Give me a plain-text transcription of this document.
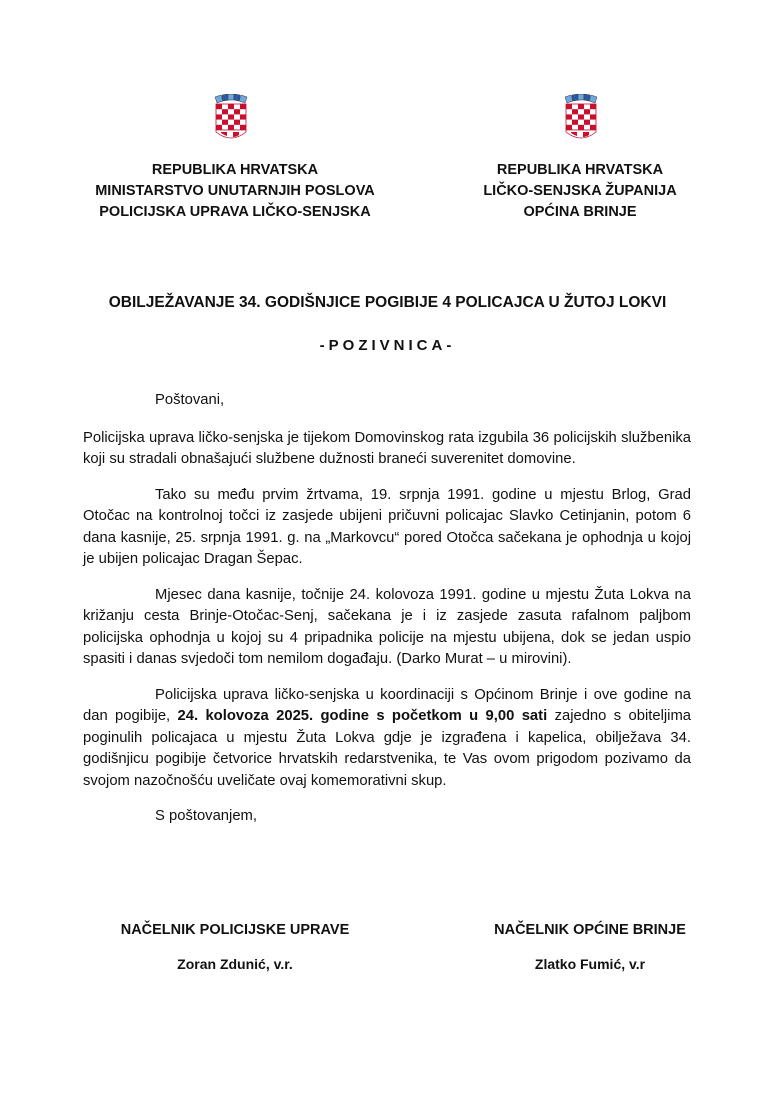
REPUBLIKA HRVATSKA
MINISTARSTVO UNUTARNJIH POSLOVA
POLICIJSKA UPRAVA LIČKO-SENJSKA
REPUBLIKA HRVATSKA
LIČKO-SENJSKA ŽUPANIJA
OPĆINA BRINJE
OBILJEŽAVANJE 34. GODIŠNJICE POGIBIJE 4 POLICAJCA U ŽUTOJ LOKVI
-POZIVNICA-

Poštovani,

Policijska uprava ličko-senjska je tijekom Domovinskog rata izgubila 36 policijskih službenika koji su stradali obnašajući službene dužnosti braneći suverenitet domovine.

Tako su među prvim žrtvama, 19. srpnja 1991. godine u mjestu Brlog, Grad Otočac na kontrolnoj točci iz zasjede ubijeni pričuvni policajac Slavko Cetinjanin, potom 6 dana kasnije, 25. srpnja 1991. g. na „Markovcu“ pored Otočca sačekana je ophodnja u kojoj je ubijen policajac Dragan Šepac.

Mjesec dana kasnije, točnije 24. kolovoza 1991. godine u mjestu Žuta Lokva na križanju cesta Brinje-Otočac-Senj, sačekana je i iz zasjede zasuta rafalnom paljbom policijska ophodnja u kojoj su 4 pripadnika policije na mjestu ubijena, dok se jedan uspio spasiti i danas svjedoči tom nemilom događaju. (Darko Murat – u mirovini).

Policijska uprava ličko-senjska u koordinaciji s Općinom Brinje i ove godine na dan pogibije, 24. kolovoza 2025. godine s početkom u 9,00 sati zajedno s obiteljima poginulih policajaca u mjestu Žuta Lokva gdje je izgrađena i kapelica, obilježava 34. godišnjicu pogibije četvorice hrvatskih redarstvenika, te Vas ovom prigodom pozivamo da svojom nazočnošću uveličate ovaj komemorativni skup.

S poštovanjem,

NAČELNIK POLICIJSKE UPRAVE
Zoran Zdunić, v.r.
NAČELNIK OPĆINE BRINJE
Zlatko Fumić, v.r
